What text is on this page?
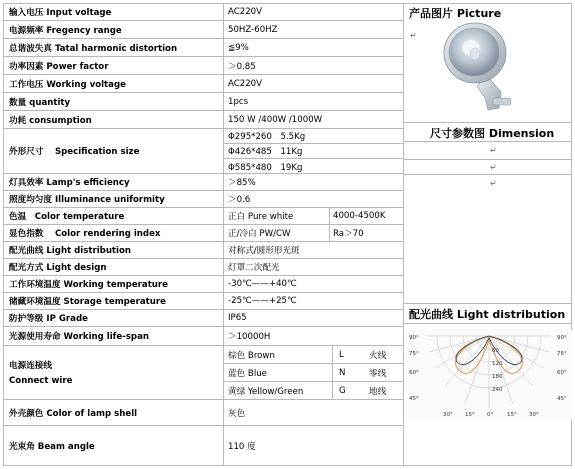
输入电压 Input voltage	AC220V
电源频率 Fregency range	50HZ-60HZ
总谐波失真 Tatal harmonic distortion	≦9%
功率因素 Power factor	＞0.85
工作电压 Working voltage	AC220V
数量 quantity	1pcs
功耗 consumption	150 W /400W /1000W
外形尺寸　 Specification size
Φ295*260　5.5Kg
Φ426*485　11Kg
Φ585*480　19Kg
灯具效率 Lamp's efficiency	＞85%
照度均匀度 Illuminance uniformity	＞0.6
色温　Color temperature	正白 Pure white	4000-4500K
显色指数　 Color rendering index	正/冷白 PW/CW	Ra＞70
配光曲线 Light distribution	对称式/圆形形光斑
配光方式 Light design	灯罩二次配光
工作环境温度 Working temperature	-30℃——+40℃
储藏环境温度 Storage temperature	-25℃——+25℃
防护等级 IP Grade	IP65
光源使用寿命 Working life-span	＞10000H
电源连接线
Connect wire
棕色 Brown	L	火线
蓝色 Blue	N	零线
黄绿 Yellow/Green	G	地线
外壳颜色 Color of lamp shell	灰色
光束角 Beam angle	110 度
产品图片 Picture
↵
尺寸参数图 Dimension
↵
↵
↵
配光曲线 Light distribution
90°
75°
60°
45°
90°
75°
60°
45°
30° 15° 0°	15° 30°
60
120
180
240
